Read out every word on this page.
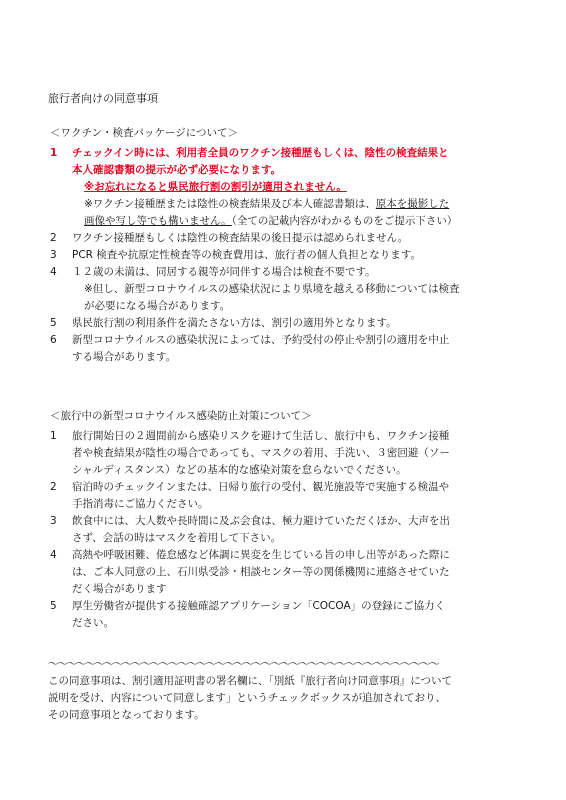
旅行者向けの同意事項
＜ワクチン・検査パッケージについて＞
1	チェックイン時には、利用者全員のワクチン接種歴もしくは、陰性の検査結果と
本人確認書類の提示が必ず必要になります。
※お忘れになると県民旅行割の割引が適用されません。
※ワクチン接種歴または陰性の検査結果及び本人確認書類は、原本を撮影した
画像や写し等でも構いません。（全ての記載内容がわかるものをご提示下さい）
2	ワクチン接種歴もしくは陰性の検査結果の後日提示は認められません。
3	PCR 検査や抗原定性検査等の検査費用は、旅行者の個人負担となります。
4	１２歳の未満は、同居する親等が同伴する場合は検査不要です。
※但し、新型コロナウイルスの感染状況により県境を越える移動については検査
が必要になる場合があります。
5	県民旅行割の利用条件を満たさない方は、割引の適用外となります。
6	新型コロナウイルスの感染状況によっては、予約受付の停止や割引の適用を中止
する場合があります。
＜旅行中の新型コロナウイルス感染防止対策について＞
1	旅行開始日の２週間前から感染リスクを避けて生活し、旅行中も、ワクチン接種
者や検査結果が陰性の場合であっても、マスクの着用、手洗い、３密回避（ソー
シャルディスタンス）などの基本的な感染対策を怠らないでください。
2	宿泊時のチェックインまたは、日帰り旅行の受付、観光施設等で実施する検温や
手指消毒にご協力ください。
3	飲食中には、大人数や長時間に及ぶ会食は、極力避けていただくほか、大声を出
さず、会話の時はマスクを着用して下さい。
4	高熱や呼吸困難、倦怠感など体調に異変を生じている旨の申し出等があった際に
は、ご本人同意の上、石川県受診・相談センター等の関係機関に連絡させていた
だく場合があります
5	厚生労働省が提供する接触確認アプリケーション「COCOA」の登録にご協力く
ださい。
～～～～～～～～～～～～～～～～～～～～～～～～～～～～～～～～～～～～～～～～～～
この同意事項は、割引適用証明書の署名欄に、「別紙『旅行者向け同意事項』について
説明を受け、内容について同意します」というチェックボックスが追加されており、
その同意事項となっております。
